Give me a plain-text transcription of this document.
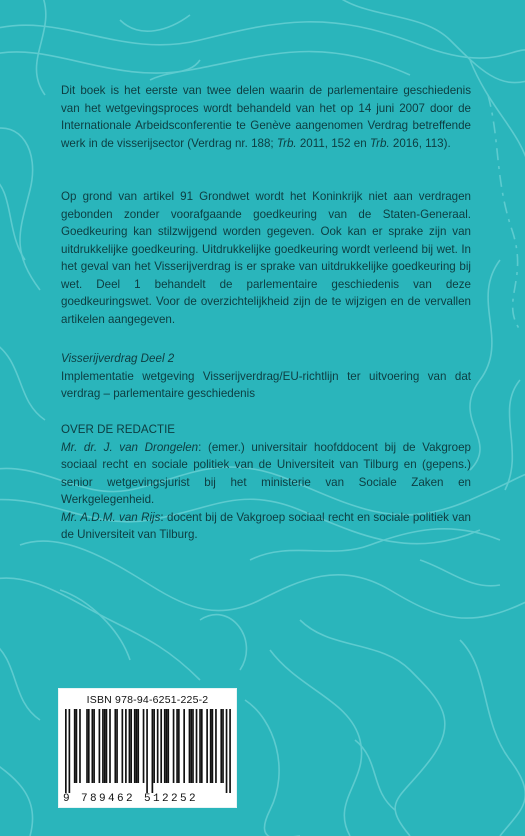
Dit boek is het eerste van twee delen waarin de parlementaire geschiedenis van het wetgevingsproces wordt behandeld van het op 14 juni 2007 door de Internationale Arbeidsconferentie te Genève aangenomen Verdrag betreffende werk in de visserijsector (Verdrag nr. 188; Trb. 2011, 152 en Trb. 2016, 113).

Op grond van artikel 91 Grondwet wordt het Koninkrijk niet aan verdragen gebonden zonder voorafgaande goedkeuring van de Staten-Generaal. Goedkeuring kan stilzwijgend worden gegeven. Ook kan er sprake zijn van uitdrukkelijke goedkeuring. Uitdrukkelijke goedkeuring wordt verleend bij wet. In het geval van het Visserijverdrag is er sprake van uitdrukkelijke goedkeuring bij wet. Deel 1 behandelt de parlementaire geschiedenis van deze goedkeuringswet. Voor de overzichtelijkheid zijn de te wijzigen en de vervallen artikelen aangegeven.

Visserijverdrag Deel 2
Implementatie wetgeving Visserijverdrag/EU-richtlijn ter uitvoering van dat verdrag – parlementaire geschiedenis

OVER DE REDACTIE
Mr. dr. J. van Drongelen: (emer.) universitair hoofddocent bij de Vakgroep sociaal recht en sociale politiek van de Universiteit van Tilburg en (gepens.) senior wetgevingsjurist bij het ministerie van Sociale Zaken en Werkgelegenheid.
Mr. A.D.M. van Rijs: docent bij de Vakgroep sociaal recht en sociale politiek van de Universiteit van Tilburg.

ISBN 978-94-6251-225-2
9 789462 512252
